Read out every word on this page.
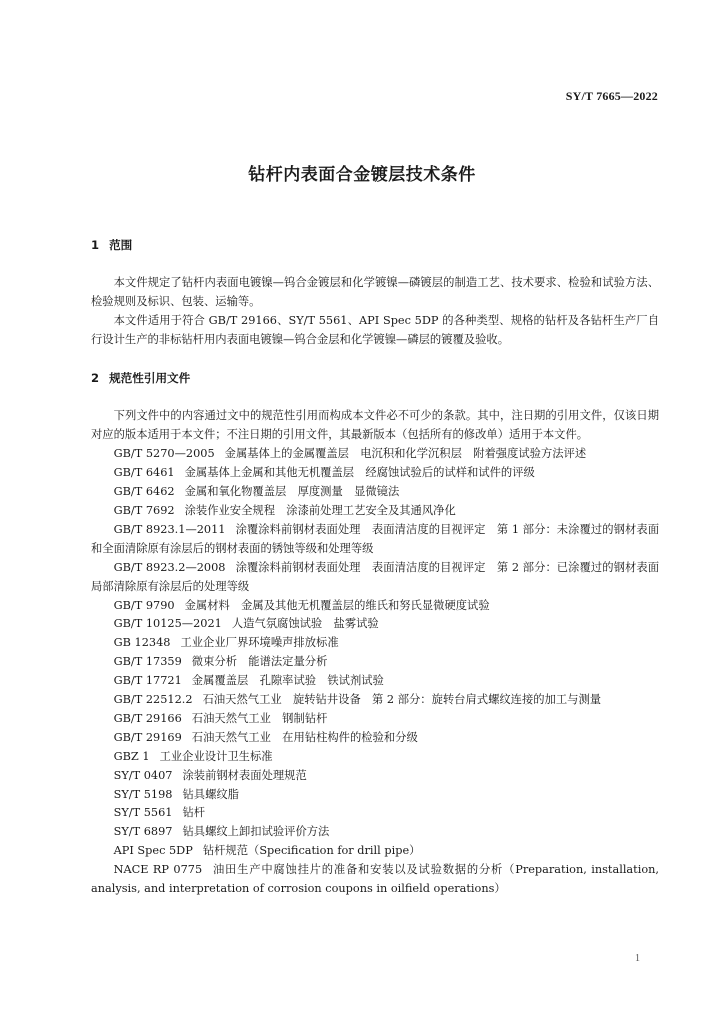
SY/T 7665—2022
钻杆内表面合金镀层技术条件
1 范围

本文件规定了钻杆内表面电镀镍—钨合金镀层和化学镀镍—磷镀层的制造工艺、技术要求、检验和试验方法、检验规则及标识、包装、运输等。

本文件适用于符合 GB/T 29166、SY/T 5561、API Spec 5DP 的各种类型、规格的钻杆及各钻杆生产厂自行设计生产的非标钻杆用内表面电镀镍—钨合金层和化学镀镍—磷层的镀覆及验收。

2 规范性引用文件

下列文件中的内容通过文中的规范性引用而构成本文件必不可少的条款。其中，注日期的引用文件，仅该日期对应的版本适用于本文件；不注日期的引用文件，其最新版本（包括所有的修改单）适用于本文件。

GB/T 5270—2005 金属基体上的金属覆盖层　电沉积和化学沉积层　附着强度试验方法评述

GB/T 6461 金属基体上金属和其他无机覆盖层　经腐蚀试验后的试样和试件的评级

GB/T 6462 金属和氧化物覆盖层　厚度测量　显微镜法

GB/T 7692 涂装作业安全规程　涂漆前处理工艺安全及其通风净化

GB/T 8923.1—2011 涂覆涂料前钢材表面处理　表面清洁度的目视评定　第 1 部分：未涂覆过的钢材表面和全面清除原有涂层后的钢材表面的锈蚀等级和处理等级

GB/T 8923.2—2008 涂覆涂料前钢材表面处理　表面清洁度的目视评定　第 2 部分：已涂覆过的钢材表面局部清除原有涂层后的处理等级

GB/T 9790 金属材料　金属及其他无机覆盖层的维氏和努氏显微硬度试验

GB/T 10125—2021 人造气氛腐蚀试验　盐雾试验

GB 12348 工业企业厂界环境噪声排放标准

GB/T 17359 微束分析　能谱法定量分析

GB/T 17721 金属覆盖层　孔隙率试验　铁试剂试验

GB/T 22512.2 石油天然气工业　旋转钻井设备　第 2 部分：旋转台肩式螺纹连接的加工与测量

GB/T 29166 石油天然气工业　钢制钻杆

GB/T 29169 石油天然气工业　在用钻柱构件的检验和分级

GBZ 1 工业企业设计卫生标准

SY/T 0407 涂装前钢材表面处理规范

SY/T 5198 钻具螺纹脂

SY/T 5561 钻杆

SY/T 6897 钻具螺纹上卸扣试验评价方法

API Spec 5DP 钻杆规范（Specification for drill pipe）

NACE RP 0775 油田生产中腐蚀挂片的准备和安装以及试验数据的分析（Preparation, installation, analysis, and interpretation of corrosion coupons in oilfield operations）

1
